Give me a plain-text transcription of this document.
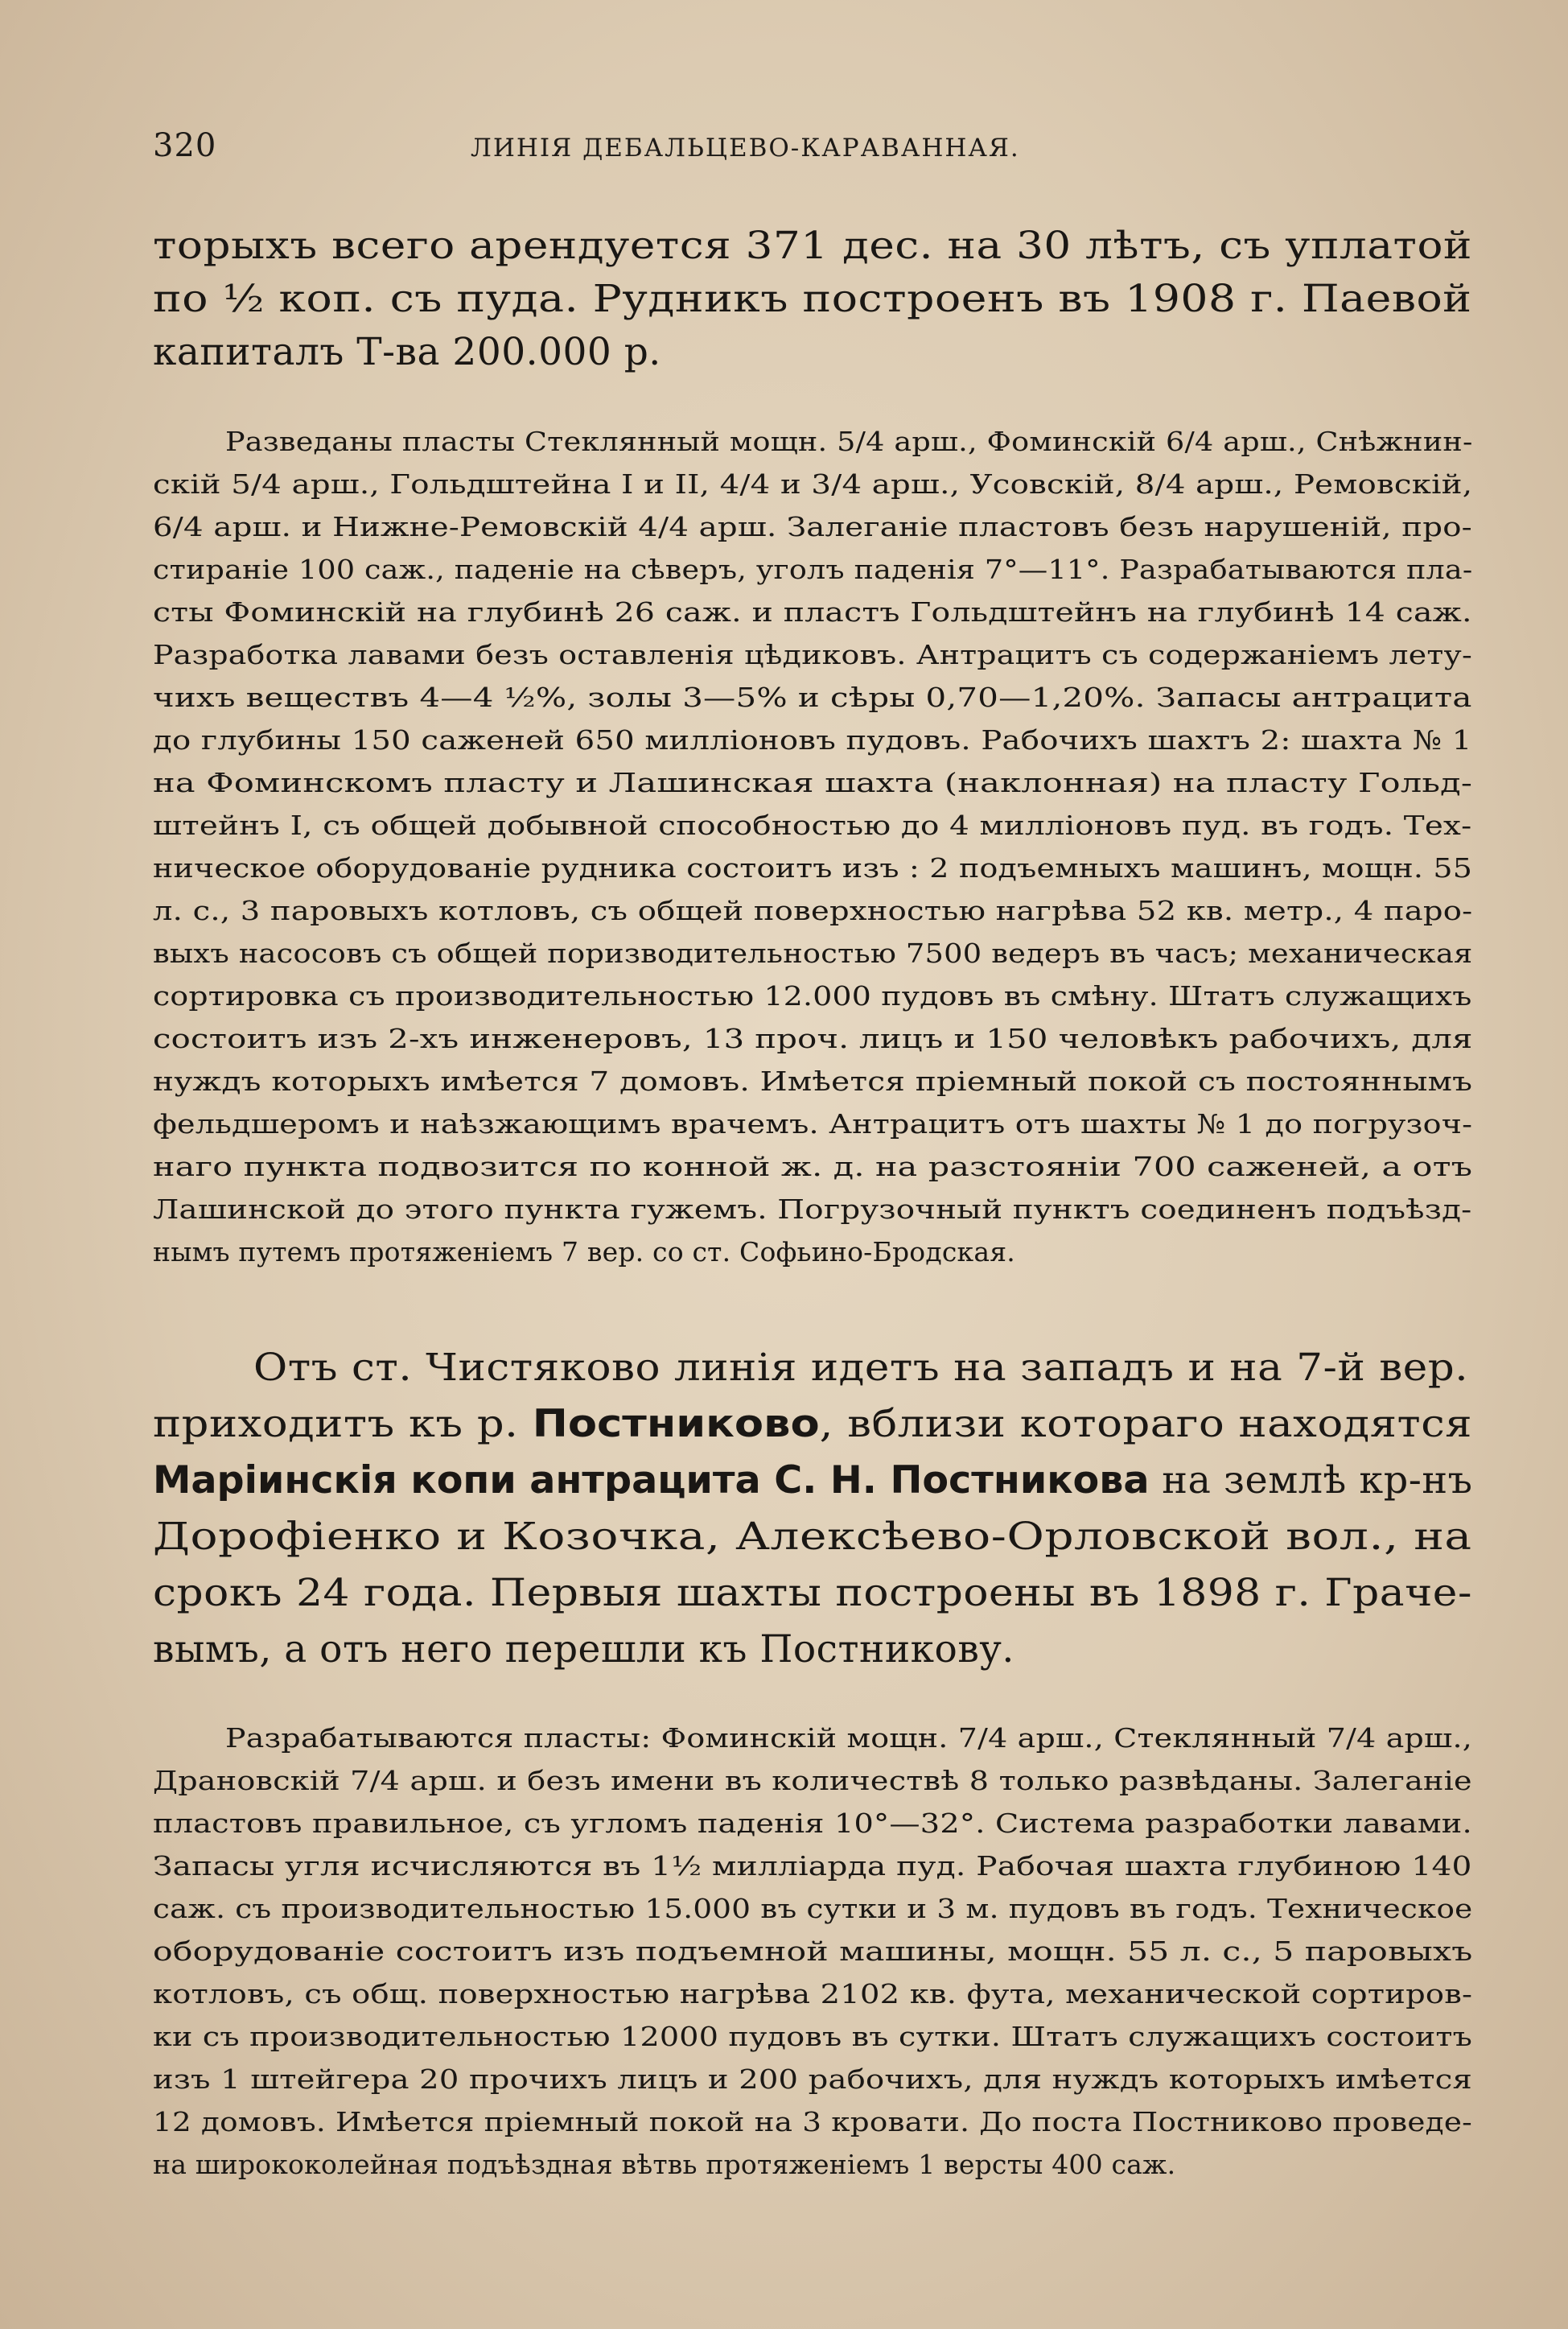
320	ЛИНІЯ ДЕБАЛЬЦЕВО-КАРАВАННАЯ.
торыхъ всего арендуется 371 дес. на 30 лѣтъ, съ уплатой
по ½ коп. съ пуда. Рудникъ построенъ въ 1908 г. Паевой
капиталъ Т-ва 200.000 р.
Разведаны пласты Стеклянный мощн. 5/4 арш., Фоминскій 6/4 арш., Снѣжнин-
скій 5/4 арш., Гольдштейна I и II, 4/4 и 3/4 арш., Усовскій, 8/4 арш., Ремовскій,
6/4 арш. и Нижне-Ремовскій 4/4 арш. Залеганіе пластовъ безъ нарушеній, про-
стираніе 100 саж., паденіе на сѣверъ, уголъ паденія 7°—11°. Разрабатываются пла-
сты Фоминскій на глубинѣ 26 саж. и пластъ Гольдштейнъ на глубинѣ 14 саж.
Разработка лавами безъ оставленія цѣдиковъ. Антрацитъ съ содержаніемъ лету-
чихъ веществъ 4—4 ½%, золы 3—5% и сѣры 0,70—1,20%. Запасы антрацита
до глубины 150 саженей 650 милліоновъ пудовъ. Рабочихъ шахтъ 2: шахта № 1
на Фоминскомъ пласту и Лашинская шахта (наклонная) на пласту Гольд-
штейнъ I, съ общей добывной способностью до 4 милліоновъ пуд. въ годъ. Тех-
ническое оборудованіе рудника состоитъ изъ : 2 подъемныхъ машинъ, мощн. 55
л. с., 3 паровыхъ котловъ, съ общей поверхностью нагрѣва 52 кв. метр., 4 паро-
выхъ насосовъ съ общей поризводительностью 7500 ведеръ въ часъ; механическая
сортировка съ производительностью 12.000 пудовъ въ смѣну. Штатъ служащихъ
состоитъ изъ 2-хъ инженеровъ, 13 проч. лицъ и 150 человѣкъ рабочихъ, для
нуждъ которыхъ имѣется 7 домовъ. Имѣется пріемный покой съ постояннымъ
фельдшеромъ и наѣзжающимъ врачемъ. Антрацитъ отъ шахты № 1 до погрузоч-
наго пункта подвозится по конной ж. д. на разстояніи 700 саженей, а отъ
Лашинской до этого пункта гужемъ. Погрузочный пунктъ соединенъ подъѣзд-
нымъ путемъ протяженіемъ 7 вер. со ст. Софьино-Бродская.
Отъ ст. Чистяково линія идетъ на западъ и на 7-й вер.
приходитъ къ р. Постниково, вблизи котораго находятся
Маріинскія копи антрацита С. Н. Постникова на землѣ кр-нъ
Дорофіенко и Козочка, Алексѣево-Орловской вол., на
срокъ 24 года. Первыя шахты построены въ 1898 г. Граче-
вымъ, а отъ него перешли къ Постникову.
Разрабатываются пласты: Фоминскій мощн. 7/4 арш., Стеклянный 7/4 арш.,
Драновскій 7/4 арш. и безъ имени въ количествѣ 8 только развѣданы. Залеганіе
пластовъ правильное, съ угломъ паденія 10°—32°. Система разработки лавами.
Запасы угля исчисляются въ 1½ милліарда пуд. Рабочая шахта глубиною 140
саж. съ производительностью 15.000 въ сутки и 3 м. пудовъ въ годъ. Техническое
оборудованіе состоитъ изъ подъемной машины, мощн. 55 л. с., 5 паровыхъ
котловъ, съ общ. поверхностью нагрѣва 2102 кв. фута, механической сортиров-
ки съ производительностью 12000 пудовъ въ сутки. Штатъ служащихъ состоитъ
изъ 1 штейгера 20 прочихъ лицъ и 200 рабочихъ, для нуждъ которыхъ имѣется
12 домовъ. Имѣется пріемный покой на 3 кровати. До поста Постниково проведе-
на ширококолейная подъѣздная вѣтвь протяженіемъ 1 версты 400 саж.
